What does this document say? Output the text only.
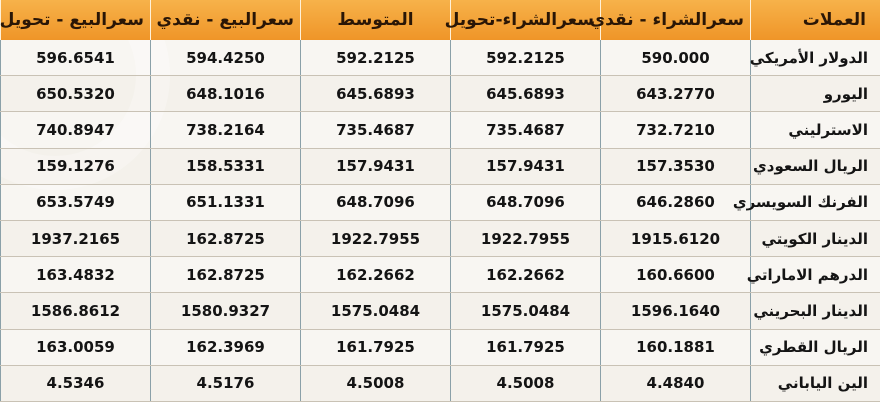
العملات	سعرالشراء - نقدي	سعرالشراء-تحويل	المتوسط	سعرالبيع - نقدي	سعرالبيع - تحويل
الدولار الأمريكي	590.000	592.2125	592.2125	594.4250	596.6541
اليورو	643.2770	645.6893	645.6893	648.1016	650.5320
الاسترليني	732.7210	735.4687	735.4687	738.2164	740.8947
الريال السعودي	157.3530	157.9431	157.9431	158.5331	159.1276
الفرنك السويسري	646.2860	648.7096	648.7096	651.1331	653.5749
الدينار الكويتي	1915.6120	1922.7955	1922.7955	162.8725	1937.2165
الدرهم الاماراتي	160.6600	162.2662	162.2662	162.8725	163.4832
الدينار البحريني	1596.1640	1575.0484	1575.0484	1580.9327	1586.8612
الريال القطري	160.1881	161.7925	161.7925	162.3969	163.0059
الين الياباني	4.4840	4.5008	4.5008	4.5176	4.5346
